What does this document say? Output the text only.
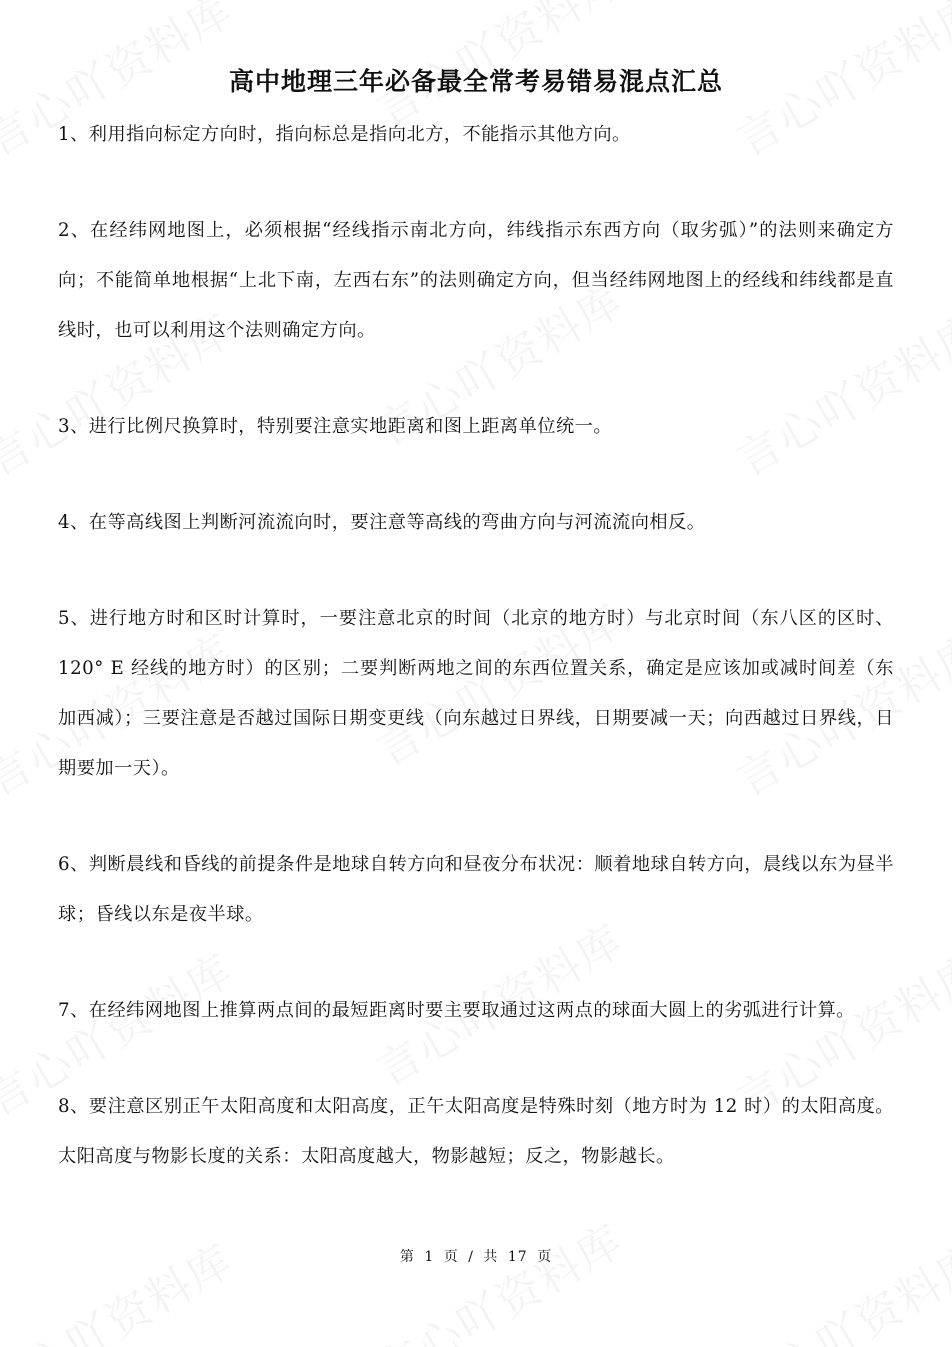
高中地理三年必备最全常考易错易混点汇总

1、利用指向标定方向时，指向标总是指向北方，不能指示其他方向。

2、在经纬网地图上，必须根据“经线指示南北方向，纬线指示东西方向（取劣弧）”的法则来确定方向；不能简单地根据“上北下南，左西右东”的法则确定方向，但当经纬网地图上的经线和纬线都是直线时，也可以利用这个法则确定方向。

3、进行比例尺换算时，特别要注意实地距离和图上距离单位统一。

4、在等高线图上判断河流流向时，要注意等高线的弯曲方向与河流流向相反。

5、进行地方时和区时计算时，一要注意北京的时间（北京的地方时）与北京时间（东八区的区时、120° E 经线的地方时）的区别；二要判断两地之间的东西位置关系，确定是应该加或减时间差（东加西减）；三要注意是否越过国际日期变更线（向东越过日界线，日期要减一天；向西越过日界线，日期要加一天）。

6、判断晨线和昏线的前提条件是地球自转方向和昼夜分布状况：顺着地球自转方向，晨线以东为昼半球；昏线以东是夜半球。

7、在经纬网地图上推算两点间的最短距离时要主要取通过这两点的球面大圆上的劣弧进行计算。

8、要注意区别正午太阳高度和太阳高度，正午太阳高度是特殊时刻（地方时为 12 时）的太阳高度。太阳高度与物影长度的关系：太阳高度越大，物影越短；反之，物影越长。

第 1 页 / 共 17 页
